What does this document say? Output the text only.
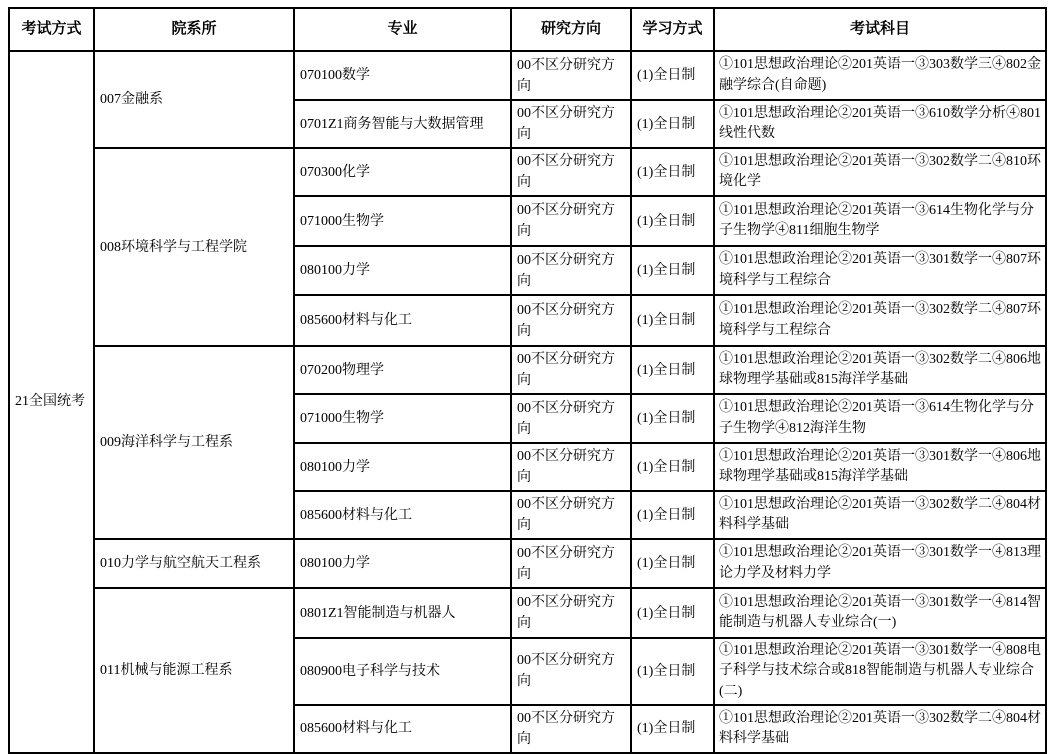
考试方式	院系所	专业	研究方向	学习方式	考试科目
21全国统考	007金融系	070100数学	00不区分研究方向	(1)全日制	①101思想政治理论②201英语一③303数学三④802金融学综合(自命题)
		0701Z1商务智能与大数据管理	00不区分研究方向	(1)全日制	①101思想政治理论②201英语一③610数学分析④801线性代数
	008环境科学与工程学院	070300化学	00不区分研究方向	(1)全日制	①101思想政治理论②201英语一③302数学二④810环境化学
		071000生物学	00不区分研究方向	(1)全日制	①101思想政治理论②201英语一③614生物化学与分子生物学④811细胞生物学
		080100力学	00不区分研究方向	(1)全日制	①101思想政治理论②201英语一③301数学一④807环境科学与工程综合
		085600材料与化工	00不区分研究方向	(1)全日制	①101思想政治理论②201英语一③302数学二④807环境科学与工程综合
	009海洋科学与工程系	070200物理学	00不区分研究方向	(1)全日制	①101思想政治理论②201英语一③302数学二④806地球物理学基础或815海洋学基础
		071000生物学	00不区分研究方向	(1)全日制	①101思想政治理论②201英语一③614生物化学与分子生物学④812海洋生物
		080100力学	00不区分研究方向	(1)全日制	①101思想政治理论②201英语一③301数学一④806地球物理学基础或815海洋学基础
		085600材料与化工	00不区分研究方向	(1)全日制	①101思想政治理论②201英语一③302数学二④804材料科学基础
	010力学与航空航天工程系	080100力学	00不区分研究方向	(1)全日制	①101思想政治理论②201英语一③301数学一④813理论力学及材料力学
	011机械与能源工程系	0801Z1智能制造与机器人	00不区分研究方向	(1)全日制	①101思想政治理论②201英语一③301数学一④814智能制造与机器人专业综合(一)
		080900电子科学与技术	00不区分研究方向	(1)全日制	①101思想政治理论②201英语一③301数学一④808电子科学与技术综合或818智能制造与机器人专业综合(二)
		085600材料与化工	00不区分研究方向	(1)全日制	①101思想政治理论②201英语一③302数学二④804材料科学基础
